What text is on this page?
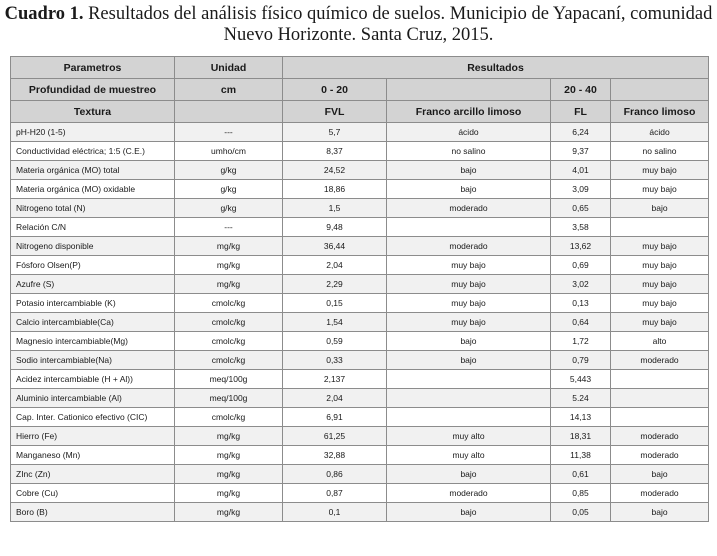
Cuadro 1. Resultados del análisis físico químico de suelos. Municipio de Yapacaní, comunidad
Nuevo Horizonte. Santa Cruz, 2015.
Parametros	Unidad	Resultados			
Profundidad de muestreo	cm	0 - 20		20 - 40	
Textura		FVL	Franco arcillo limoso	FL	Franco limoso
pH-H20 (1-5)	---	5,7	ácido	6,24	ácido
Conductividad eléctrica; 1:5 (C.E.)	umho/cm	8,37	no salino	9,37	no salino
Materia orgánica (MO) total	g/kg	24,52	bajo	4,01	muy bajo
Materia orgánica (MO) oxidable	g/kg	18,86	bajo	3,09	muy bajo
Nitrogeno total (N)	g/kg	1,5	moderado	0,65	bajo
Relación C/N	---	9,48		3,58	
Nitrogeno disponible	mg/kg	36,44	moderado	13,62	muy bajo
Fósforo Olsen(P)	mg/kg	2,04	muy bajo	0,69	muy bajo
Azufre (S)	mg/kg	2,29	muy bajo	3,02	muy bajo
Potasio intercambiable (K)	cmolc/kg	0,15	muy bajo	0,13	muy bajo
Calcio intercambiable(Ca)	cmolc/kg	1,54	muy bajo	0,64	muy bajo
Magnesio intercambiable(Mg)	cmolc/kg	0,59	bajo	1,72	alto
Sodio intercambiable(Na)	cmolc/kg	0,33	bajo	0,79	moderado
Acidez intercambiable (H + Al))	meq/100g	2,137		5,443	
Aluminio intercambiable (Al)	meq/100g	2,04		5.24	
Cap. Inter. Cationico efectivo (CIC)	cmolc/kg	6,91		14,13	
Hierro (Fe)	mg/kg	61,25	muy alto	18,31	moderado
Manganeso (Mn)	mg/kg	32,88	muy alto	11,38	moderado
ZInc (Zn)	mg/kg	0,86	bajo	0,61	bajo
Cobre (Cu)	mg/kg	0,87	moderado	0,85	moderado
Boro (B)	mg/kg	0,1	bajo	0,05	bajo
